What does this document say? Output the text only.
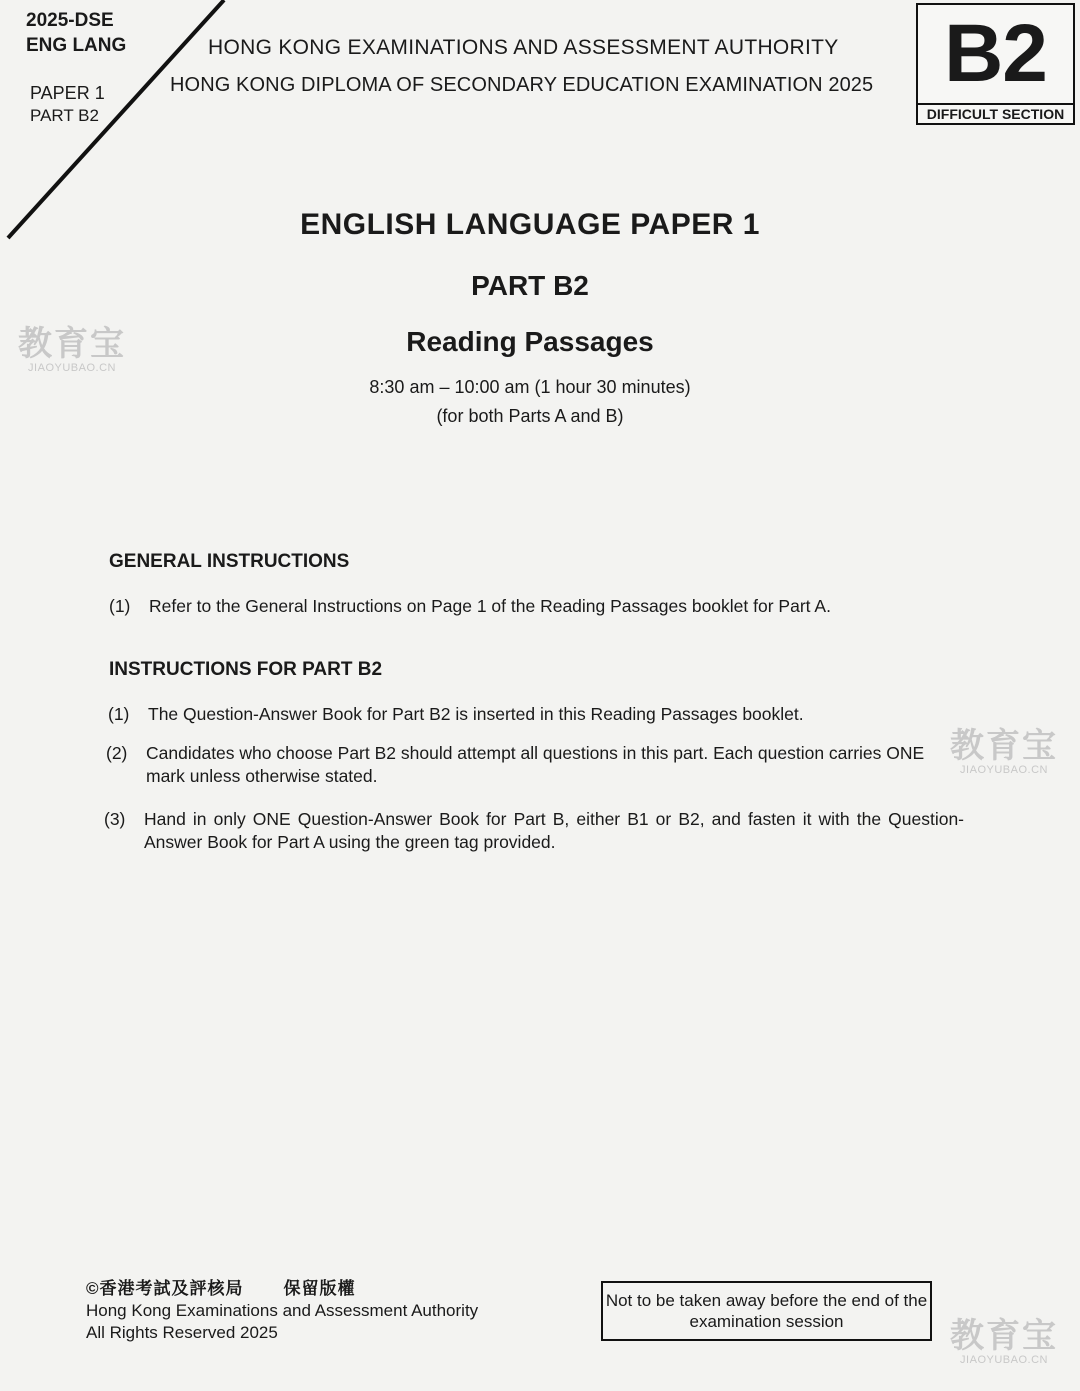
2025-DSE
ENG LANG
PAPER 1
PART B2
HONG KONG EXAMINATIONS AND ASSESSMENT AUTHORITY
HONG KONG DIPLOMA OF SECONDARY EDUCATION EXAMINATION 2025 B2
DIFFICULT SECTION
ENGLISH LANGUAGE PAPER 1
PART B2
Reading Passages
8:30 am – 10:00 am (1 hour 30 minutes)
(for both Parts A and B)
GENERAL INSTRUCTIONS
(1)	Refer to the General Instructions on Page 1 of the Reading Passages booklet for Part A.
INSTRUCTIONS FOR PART B2
(1)	The Question-Answer Book for Part B2 is inserted in this Reading Passages booklet.
(2)	Candidates who choose Part B2 should attempt all questions in this part. Each question carries ONE mark unless otherwise stated.
(3)	Hand in only ONE Question-Answer Book for Part B, either B1 or B2, and fasten it with the Question-Answer Book for Part A using the green tag provided.
©香港考試及評核局 保留版權
Hong Kong Examinations and Assessment Authority
All Rights Reserved 2025
Not to be taken away before the end of the examination session
教育宝
JIAOYUBAO.CN
教育宝
JIAOYUBAO.CN
教育宝
JIAOYUBAO.CN
